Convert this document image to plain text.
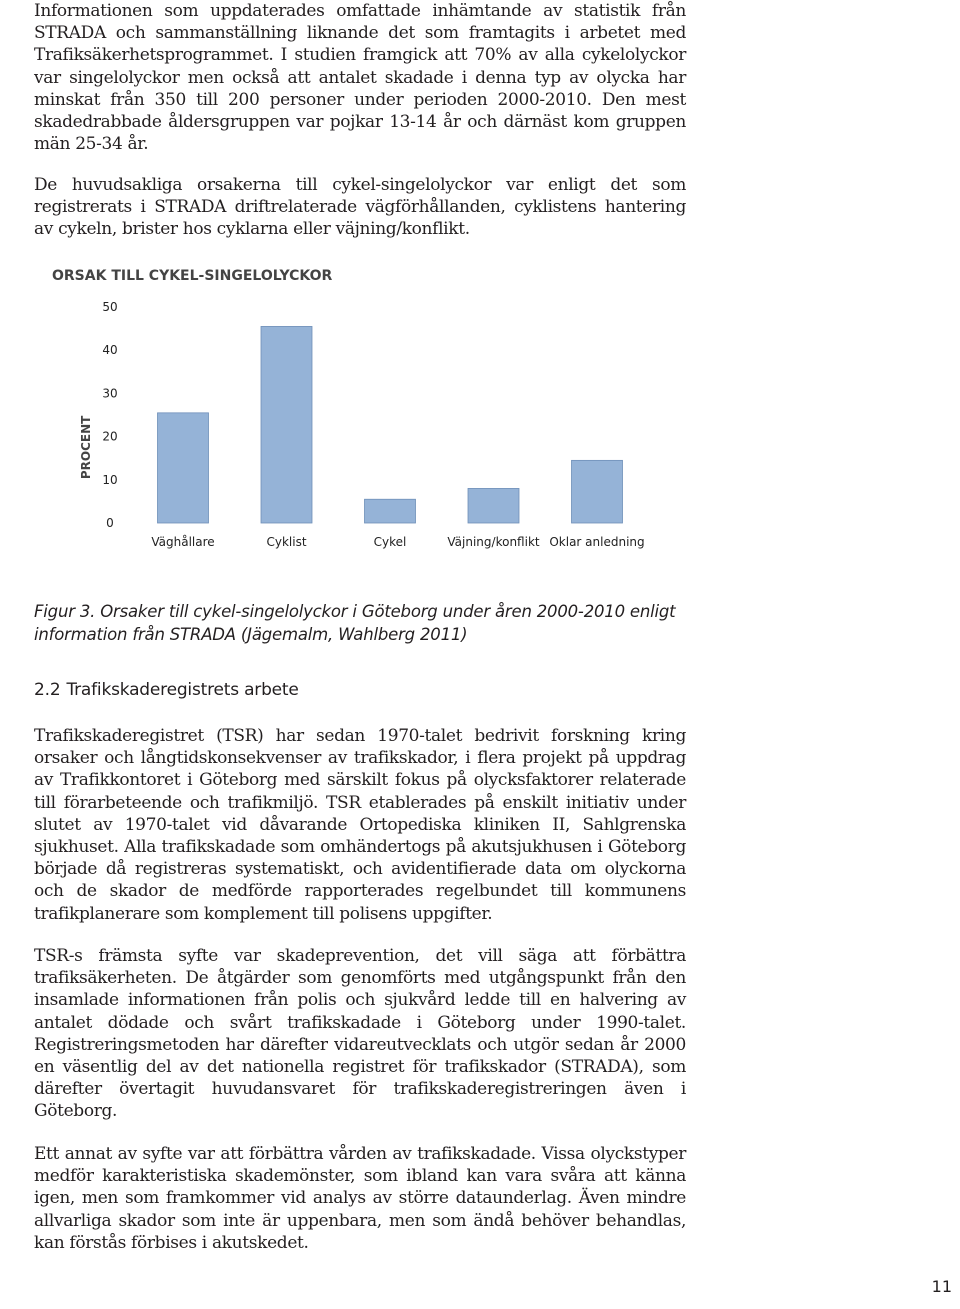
Informationen som uppdaterades omfattade inhämtande av statistik från STRADA och sammanställning liknande det som framtagits i arbetet med Trafiksäkerhetsprogrammet. I studien framgick att 70% av alla cykelolyckor var singelolyckor men också att antalet skadade i denna typ av olycka har minskat från 350 till 200 personer under perioden 2000-2010. Den mest skadedrabbade åldersgruppen var pojkar 13-14 år och därnäst kom gruppen män 25-34 år.

De huvudsakliga orsakerna till cykel-singelolyckor var enligt det som registrerats i STRADA driftrelaterade vägförhållanden, cyklistens hantering av cykeln, brister hos cyklarna eller väjning/konflikt.

ORSAK TILL CYKEL-SINGELOLYCKOR
PROCENT
0
10
20
30
40
50
Väghållare	Cyklist	Cykel	Väjning/konflikt Oklar anledning

Figur 3. Orsaker till cykel-singelolyckor i Göteborg under åren 2000-2010 enligt information från STRADA (Jägemalm, Wahlberg 2011)

2.2 Trafikskaderegistrets arbete

Trafikskaderegistret (TSR) har sedan 1970-talet bedrivit forskning kring orsaker och långtidskonsekvenser av trafikskador, i flera projekt på uppdrag av Trafikkontoret i Göteborg med särskilt fokus på olycksfaktorer relaterade till förarbeteende och trafikmiljö. TSR etablerades på enskilt initiativ under slutet av 1970-talet vid dåvarande Ortopediska kliniken II, Sahlgrenska sjukhuset. Alla trafikskadade som omhändertogs på akutsjukhusen i Göteborg började då registreras systematiskt, och avidentifierade data om olyckorna och de skador de medförde rapporterades regelbundet till kommunens trafikplanerare som komplement till polisens uppgifter.

TSR-s främsta syfte var skadeprevention, det vill säga att förbättra trafiksäkerheten. De åtgärder som genomförts med utgångspunkt från den insamlade informationen från polis och sjukvård ledde till en halvering av antalet dödade och svårt trafikskadade i Göteborg under 1990-talet. Registreringsmetoden har därefter vidareutvecklats och utgör sedan år 2000 en väsentlig del av det nationella registret för trafikskador (STRADA), som därefter övertagit huvudansvaret för trafikskaderegistreringen även i Göteborg.

Ett annat av syfte var att förbättra vården av trafikskadade. Vissa olyckstyper medför karakteristiska skademönster, som ibland kan vara svåra att känna igen, men som framkommer vid analys av större dataunderlag. Även mindre allvarliga skador som inte är uppenbara, men som ändå behöver behandlas, kan förstås förbises i akutskedet.

11
